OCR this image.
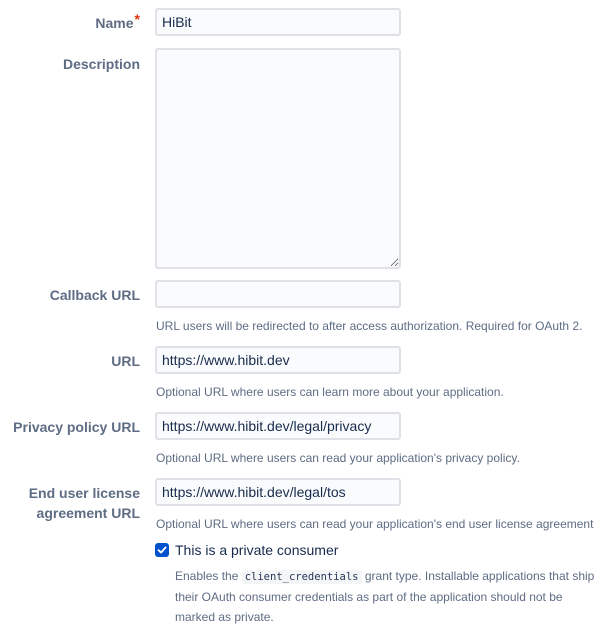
Name*
HiBit
Description
Callback URL
URL users will be redirected to after access authorization. Required for OAuth 2.
URL
https://www.hibit.dev
Optional URL where users can learn more about your application.
Privacy policy URL
https://www.hibit.dev/legal/privacy
Optional URL where users can read your application's privacy policy.
End user license
agreement URL
https://www.hibit.dev/legal/tos
Optional URL where users can read your application's end user license agreement
This is a private consumer
Enables the client_credentials grant type. Installable applications that ship
their OAuth consumer credentials as part of the application should not be
marked as private.
